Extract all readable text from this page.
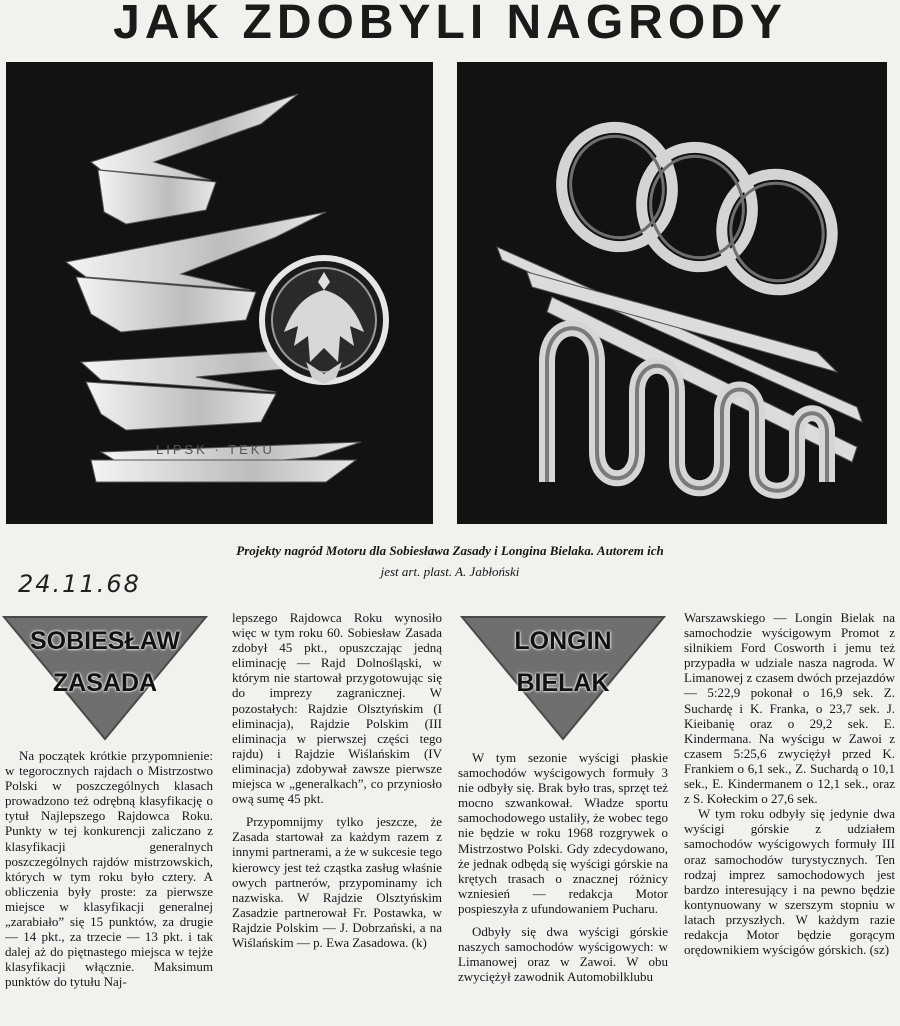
JAK ZDOBYLI NAGRODY
LIPSK · TEKU
Projekty nagród Motoru dla Sobiesława Zasady i Longina Bielaka. Autorem ich
jest art. plast. A. Jabłoński
24.11.68
SOBIESŁAW
ZASADA
LONGIN
BIELAK

Na początek krótkie przypomnienie: w tegorocznych rajdach o Mistrzostwo Polski w poszczególnych klasach prowadzono też odrębną klasyfikację o tytuł Najlepszego Rajdowca Roku. Punkty w tej konkurencji zaliczano z klasyfikacji generalnych poszczególnych rajdów mistrzowskich, których w tym roku było cztery. A obliczenia były proste: za pierwsze miejsce w klasyfikacji generalnej „zarabiało” się 15 punktów, za drugie — 14 pkt., za trzecie — 13 pkt. i tak dalej aż do piętnastego miejsca w tejże klasyfikacji włącznie. Maksimum punktów do tytułu Naj-

lepszego Rajdowca Roku wynosiło więc w tym roku 60. Sobiesław Zasada zdobył 45 pkt., opuszczając jedną eliminację — Rajd Dolnośląski, w którym nie startował przygotowując się do imprezy zagranicznej. W pozostałych: Rajdzie Olsztyńskim (I eliminacja), Rajdzie Polskim (III eliminacja w pierwszej części tego rajdu) i Rajdzie Wiślańskim (IV eliminacja) zdobywał zawsze pierwsze miejsca w „generalkach”, co przyniosło ową sumę 45 pkt.

Przypomnijmy tylko jeszcze, że Zasada startował za każdym razem z innymi partnerami, a że w sukcesie tego kierowcy jest też cząstka zasług właśnie owych partnerów, przypominamy ich nazwiska. W Rajdzie Olsztyńskim Zasadzie partnerował Fr. Postawka, w Rajdzie Polskim — J. Dobrzański, a na Wiślańskim — p. Ewa Zasadowa. (k)

W tym sezonie wyścigi płaskie samochodów wyścigowych formuły 3 nie odbyły się. Brak było tras, sprzęt też mocno szwankował. Władze sportu samochodowego ustaliły, że wobec tego nie będzie w roku 1968 rozgrywek o Mistrzostwo Polski. Gdy zdecydowano, że jednak odbędą się wyścigi górskie na krętych trasach o znacznej różnicy wzniesień — redakcja Motor pospieszyła z ufundowaniem Pucharu.

Odbyły się dwa wyścigi górskie naszych samochodów wyścigowych: w Limanowej oraz w Zawoi. W obu zwyciężył zawodnik Automobilklubu

Warszawskiego — Longin Bielak na samochodzie wyścigowym Promot z silnikiem Ford Cosworth i jemu też przypadła w udziale nasza nagroda. W Limanowej z czasem dwóch przejazdów — 5:22,9 pokonał o 16,9 sek. Z. Suchardę i K. Franka, o 23,7 sek. J. Kieibanię oraz o 29,2 sek. E. Kindermana. Na wyścigu w Zawoi z czasem 5:25,6 zwyciężył przed K. Frankiem o 6,1 sek., Z. Suchardą o 10,1 sek., E. Kindermanem o 12,1 sek., oraz z S. Kołeckim o 27,6 sek.

W tym roku odbyły się jedynie dwa wyścigi górskie z udziałem samochodów wyścigowych formuły III oraz samochodów turystycznych. Ten rodzaj imprez samochodowych jest bardzo interesujący i na pewno będzie kontynuowany w szerszym stopniu w latach przyszłych. W każdym razie redakcja Motor będzie gorącym orędownikiem wyścigów górskich. (sz)
